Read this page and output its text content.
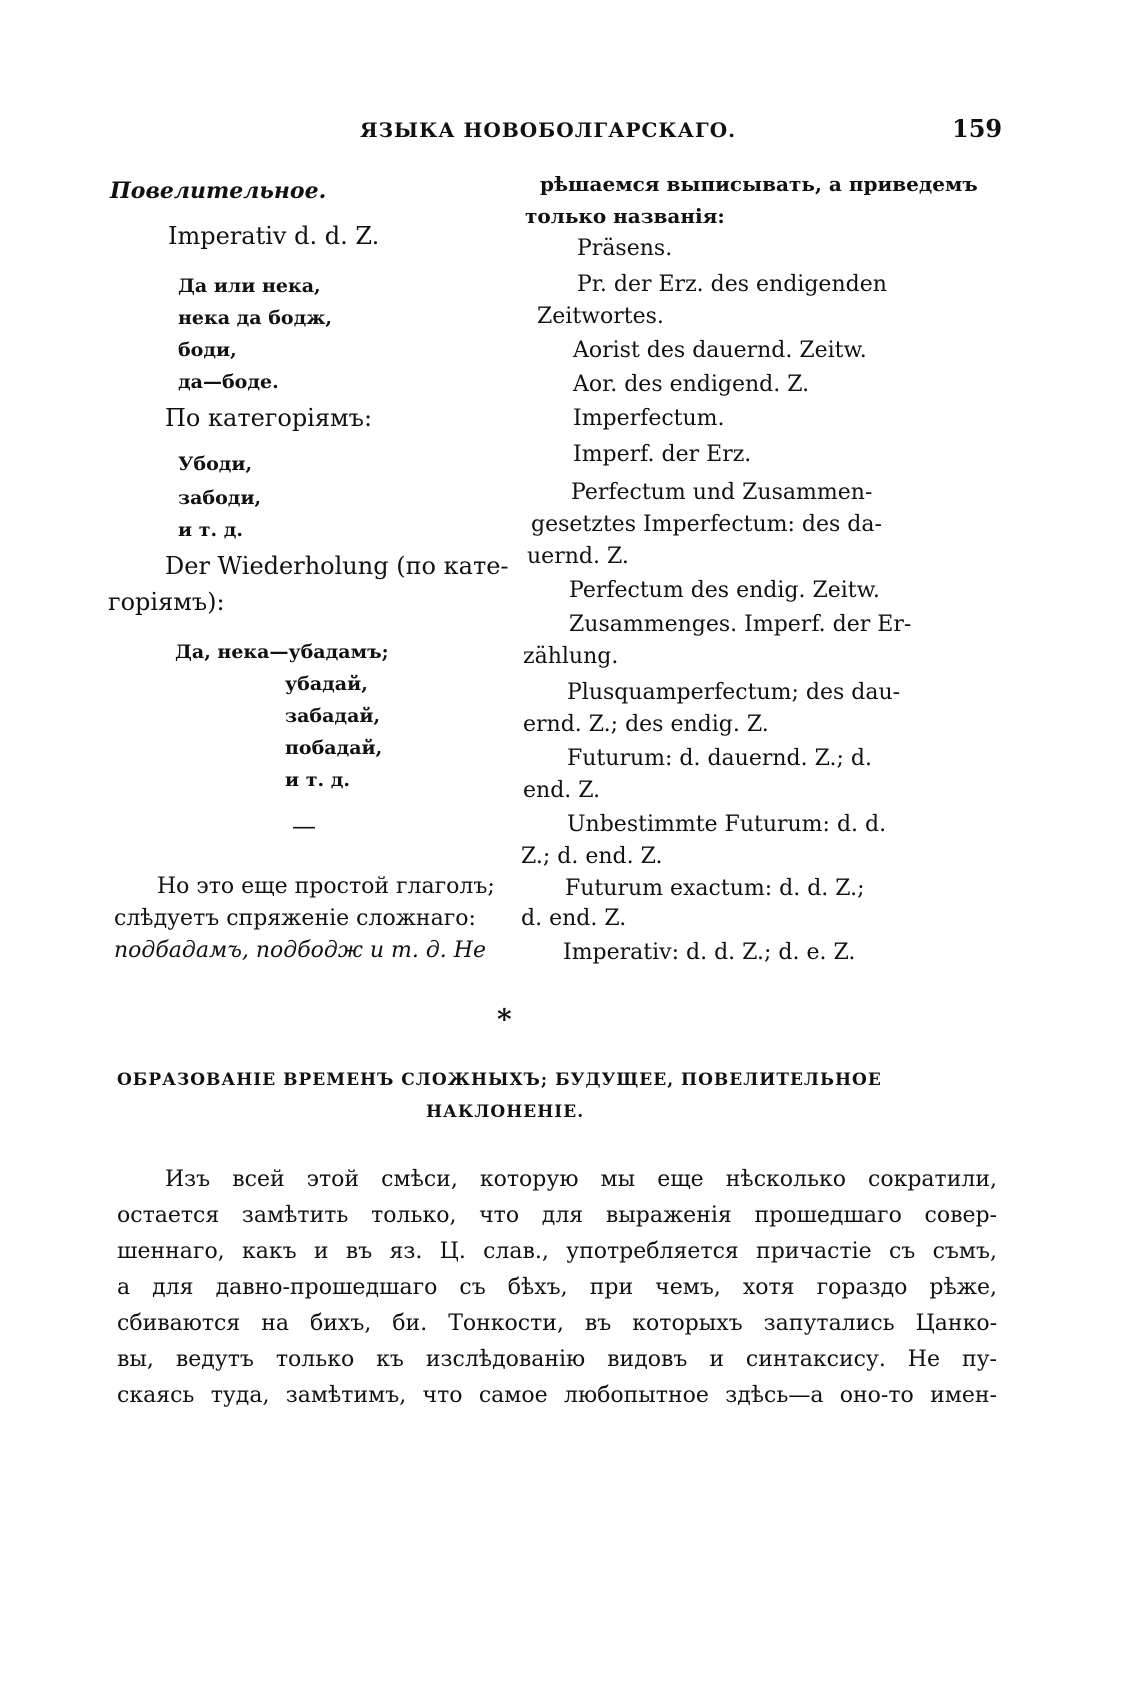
ЯЗЫКА НОВОБОЛГАРСКАГО.	159
Повелительное.
Imperativ d. d. Z.
Да или нека,
нека да бодж,
боди,
да—боде.
По категоріямъ:
Убоди,
забоди,
и т. д.
Der Wiederholung (по кате-
горіямъ):
Да, нека—убадамъ;
убадай,
забадай,
побадай,
и т. д.
—
Но это еще простой глаголъ;
слѣдуетъ спряженіе сложнаго:
подбадамъ, подбодж и т. д. Не
рѣшаемся выписывать, а приведемъ
только названія:
Präsens.
Pr. der Erz. des endigenden
Zeitwortes.
Aorist des dauernd. Zeitw.
Aor. des endigend. Z.
Imperfectum.
Imperf. der Erz.
Perfectum und Zusammen-
gesetztes Imperfectum: des da-
uernd. Z.
Perfectum des endig. Zeitw.
Zusammenges. Imperf. der Er-
zählung.
Plusquamperfectum; des dau-
ernd. Z.; des endig. Z.
Futurum: d. dauernd. Z.; d.
end. Z.
Unbestimmte Futurum: d. d.
Z.; d. end. Z.
Futurum exactum: d. d. Z.;
d. end. Z.
Imperativ: d. d. Z.; d. e. Z.
*
ОБРАЗОВАНІЕ ВРЕМЕНЪ СЛОЖНЫХЪ; БУДУЩЕЕ, ПОВЕЛИТЕЛЬНОЕ
НАКЛОНЕНІЕ.
Изъ всей этой смѣси, которую мы еще нѣсколько сократили,
остается замѣтить только, что для выраженія прошедшаго совер-
шеннаго, какъ и въ яз. Ц. слав., употребляется причастіе съ съмъ,
а для давно-прошедшаго съ бѣхъ, при чемъ, хотя гораздо рѣже,
сбиваются на бихъ, би. Тонкости, въ которыхъ запутались Цанко-
вы, ведутъ только къ изслѣдованію видовъ и синтаксису. Не пу-
скаясь туда, замѣтимъ, что самое любопытное здѣсь—а оно-то имен-
